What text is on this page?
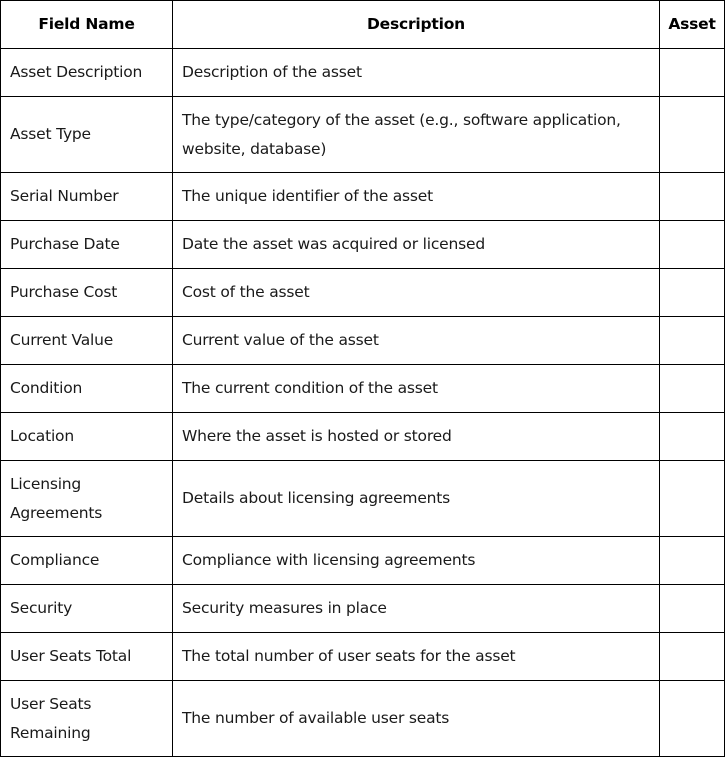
Field Name	Description	Asset
Asset Description	Description of the asset	
Asset Type	The type/category of the asset (e.g., software application, website, database)	
Serial Number	The unique identifier of the asset	
Purchase Date	Date the asset was acquired or licensed	
Purchase Cost	Cost of the asset	
Current Value	Current value of the asset	
Condition	The current condition of the asset	
Location	Where the asset is hosted or stored	
Licensing Agreements	Details about licensing agreements	
Compliance	Compliance with licensing agreements	
Security	Security measures in place	
User Seats Total	The total number of user seats for the asset	
User Seats Remaining	The number of available user seats	
